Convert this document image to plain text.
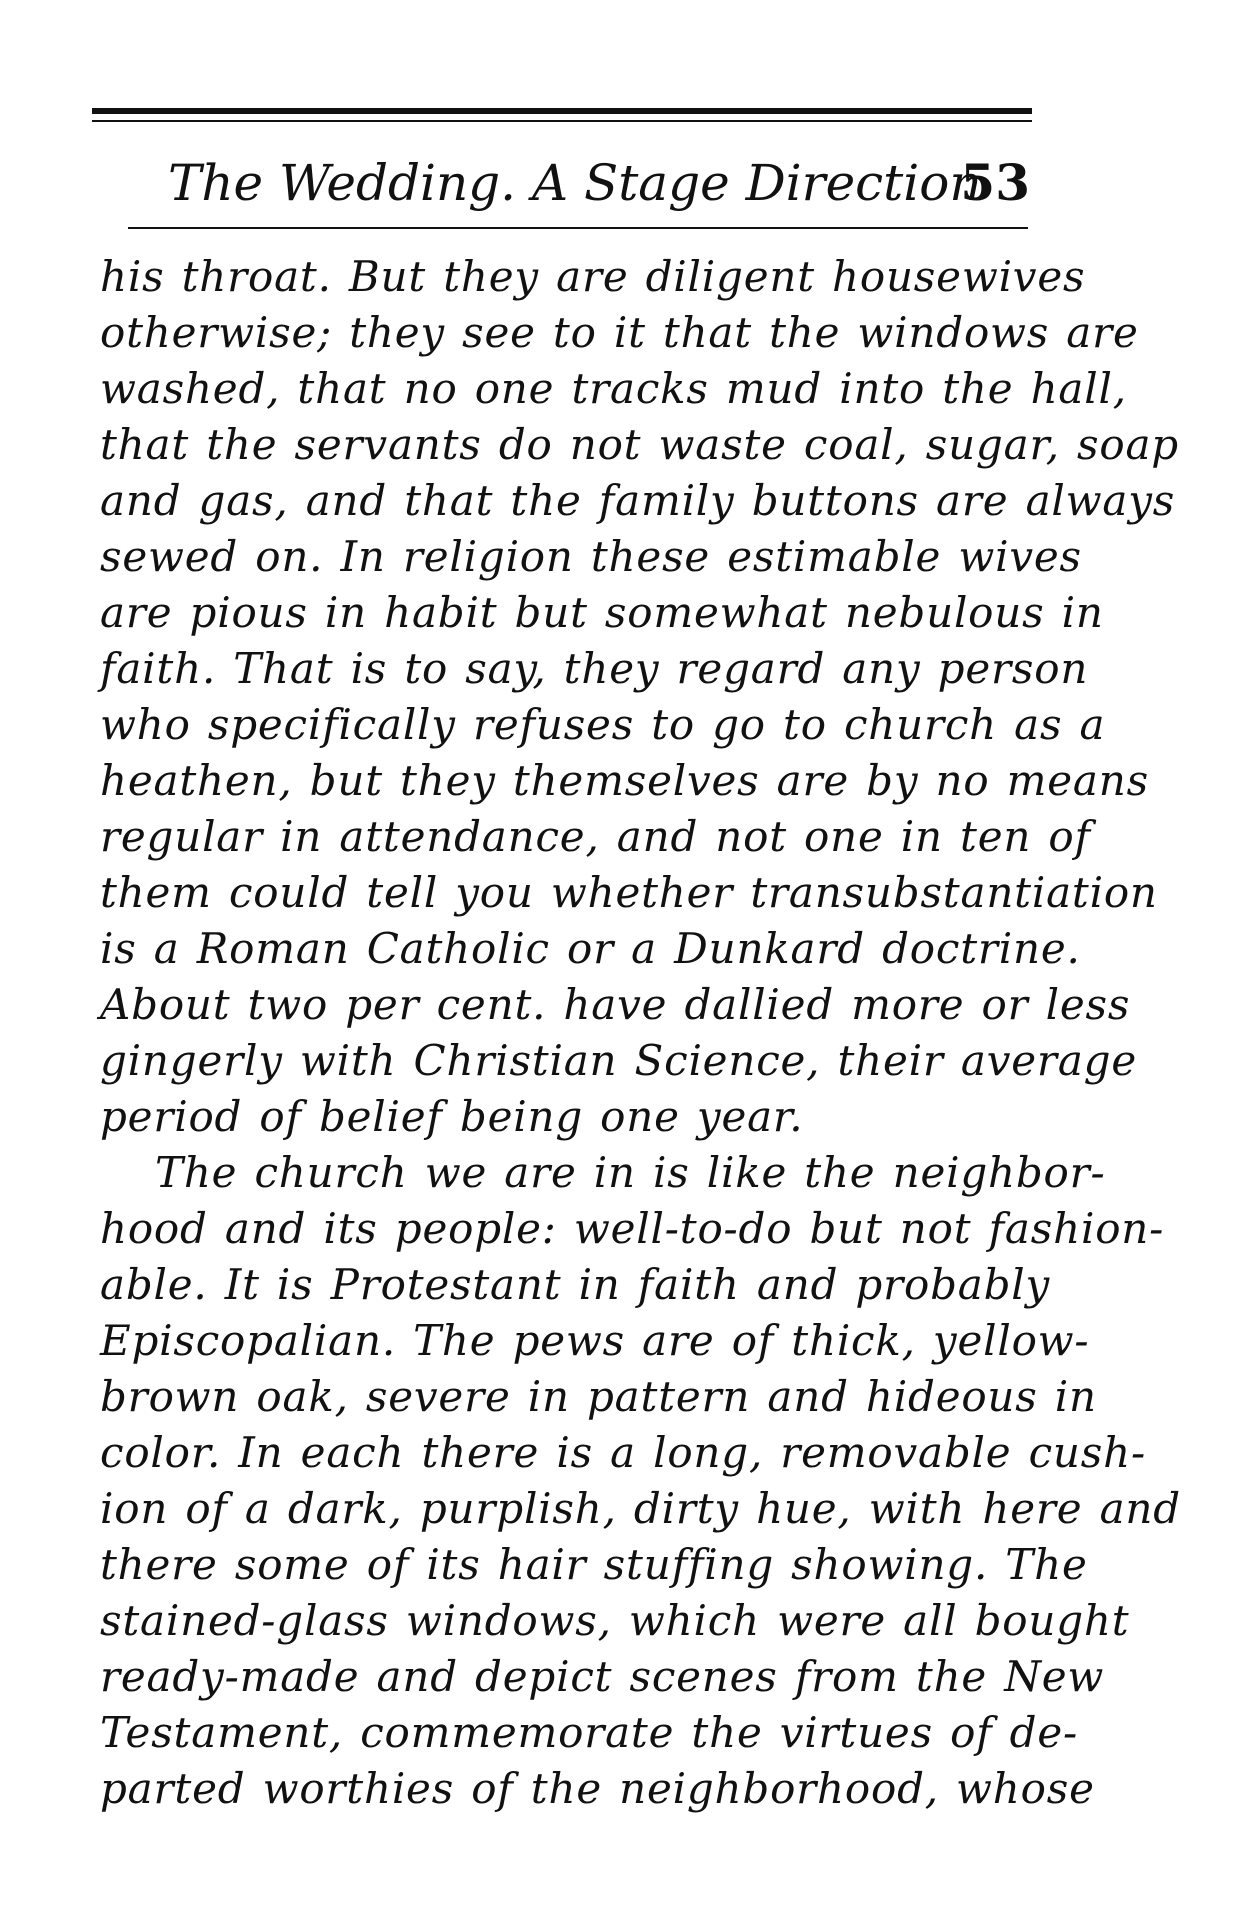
The Wedding. A Stage Direction
53
his throat. But they are diligent housewives
otherwise; they see to it that the windows are
washed, that no one tracks mud into the hall,
that the servants do not waste coal, sugar, soap
and gas, and that the family buttons are always
sewed on. In religion these estimable wives
are pious in habit but somewhat nebulous in
faith. That is to say, they regard any person
who specifically refuses to go to church as a
heathen, but they themselves are by no means
regular in attendance, and not one in ten of
them could tell you whether transubstantiation
is a Roman Catholic or a Dunkard doctrine.
About two per cent. have dallied more or less
gingerly with Christian Science, their average
period of belief being one year.
The church we are in is like the neighbor-
hood and its people: well-to-do but not fashion-
able. It is Protestant in faith and probably
Episcopalian. The pews are of thick, yellow-
brown oak, severe in pattern and hideous in
color. In each there is a long, removable cush-
ion of a dark, purplish, dirty hue, with here and
there some of its hair stuffing showing. The
stained-glass windows, which were all bought
ready-made and depict scenes from the New
Testament, commemorate the virtues of de-
parted worthies of the neighborhood, whose
